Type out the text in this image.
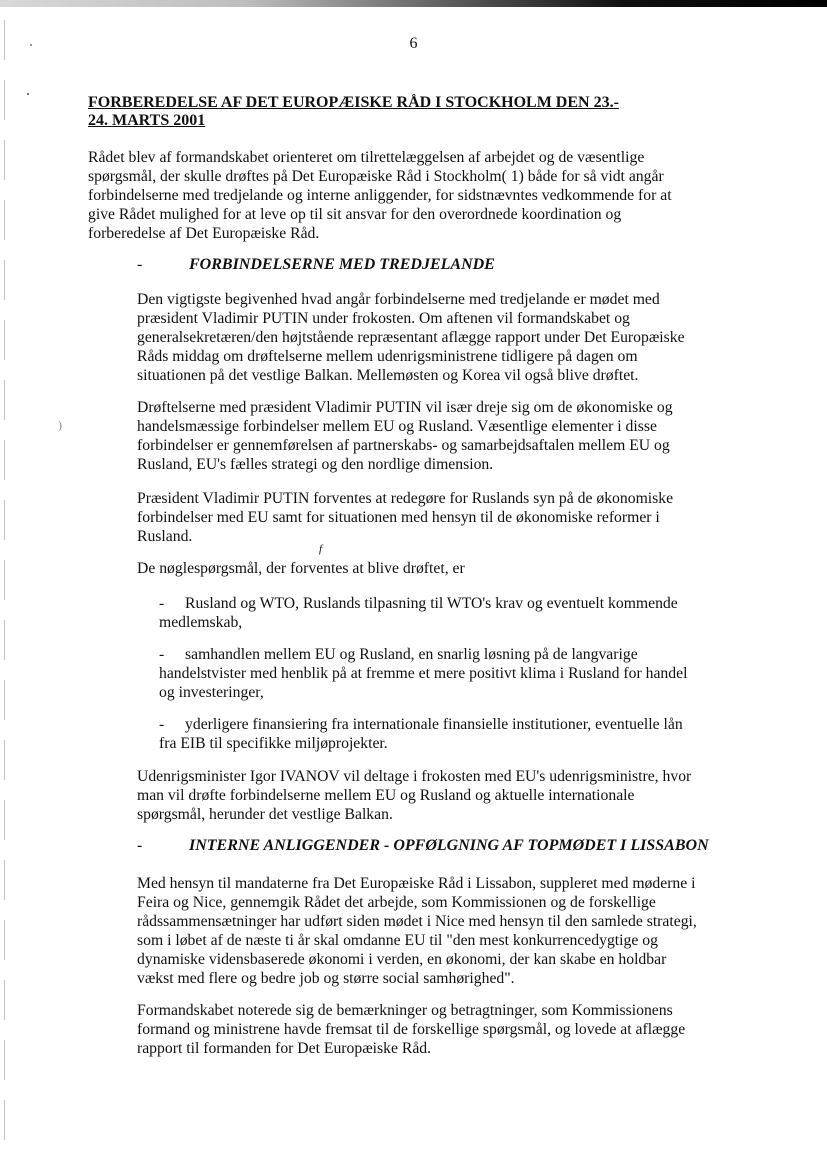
)
6
FORBEREDELSE AF DET EUROPÆISKE RÅD I STOCKHOLM DEN 23.-
24. MARTS 2001
Rådet blev af formandskabet orienteret om tilrettelæggelsen af arbejdet og de væsentlige
spørgsmål, der skulle drøftes på Det Europæiske Råd i Stockholm( 1) både for så vidt angår
forbindelserne med tredjelande og interne anliggender, for sidstnævntes vedkommende for at
give Rådet mulighed for at leve op til sit ansvar for den overordnede koordination og
forberedelse af Det Europæiske Råd.
-	FORBINDELSERNE MED TREDJELANDE
Den vigtigste begivenhed hvad angår forbindelserne med tredjelande er mødet med
præsident Vladimir PUTIN under frokosten. Om aftenen vil formandskabet og
generalsekretæren/den højtstående repræsentant aflægge rapport under Det Europæiske
Råds middag om drøftelserne mellem udenrigsministrene tidligere på dagen om
situationen på det vestlige Balkan. Mellemøsten og Korea vil også blive drøftet.
Drøftelserne med præsident Vladimir PUTIN vil især dreje sig om de økonomiske og
handelsmæssige forbindelser mellem EU og Rusland. Væsentlige elementer i disse
forbindelser er gennemførelsen af partnerskabs- og samarbejdsaftalen mellem EU og
Rusland, EU's fælles strategi og den nordlige dimension.
Præsident Vladimir PUTIN forventes at redegøre for Ruslands syn på de økonomiske
forbindelser med EU samt for situationen med hensyn til de økonomiske reformer i
Rusland.
f
De nøglespørgsmål, der forventes at blive drøftet, er
- Rusland og WTO, Ruslands tilpasning til WTO's krav og eventuelt kommende
medlemskab,
- samhandlen mellem EU og Rusland, en snarlig løsning på de langvarige
handelstvister med henblik på at fremme et mere positivt klima i Rusland for handel
og investeringer,
- yderligere finansiering fra internationale finansielle institutioner, eventuelle lån
fra EIB til specifikke miljøprojekter.
Udenrigsminister Igor IVANOV vil deltage i frokosten med EU's udenrigsministre, hvor
man vil drøfte forbindelserne mellem EU og Rusland og aktuelle internationale
spørgsmål, herunder det vestlige Balkan.
-	INTERNE ANLIGGENDER - OPFØLGNING AF TOPMØDET I LISSABON
Med hensyn til mandaterne fra Det Europæiske Råd i Lissabon, suppleret med møderne i
Feira og Nice, gennemgik Rådet det arbejde, som Kommissionen og de forskellige
rådssammensætninger har udført siden mødet i Nice med hensyn til den samlede strategi,
som i løbet af de næste ti år skal omdanne EU til "den mest konkurrencedygtige og
dynamiske vidensbaserede økonomi i verden, en økonomi, der kan skabe en holdbar
vækst med flere og bedre job og større social samhørighed".
Formandskabet noterede sig de bemærkninger og betragtninger, som Kommissionens
formand og ministrene havde fremsat til de forskellige spørgsmål, og lovede at aflægge
rapport til formanden for Det Europæiske Råd.
